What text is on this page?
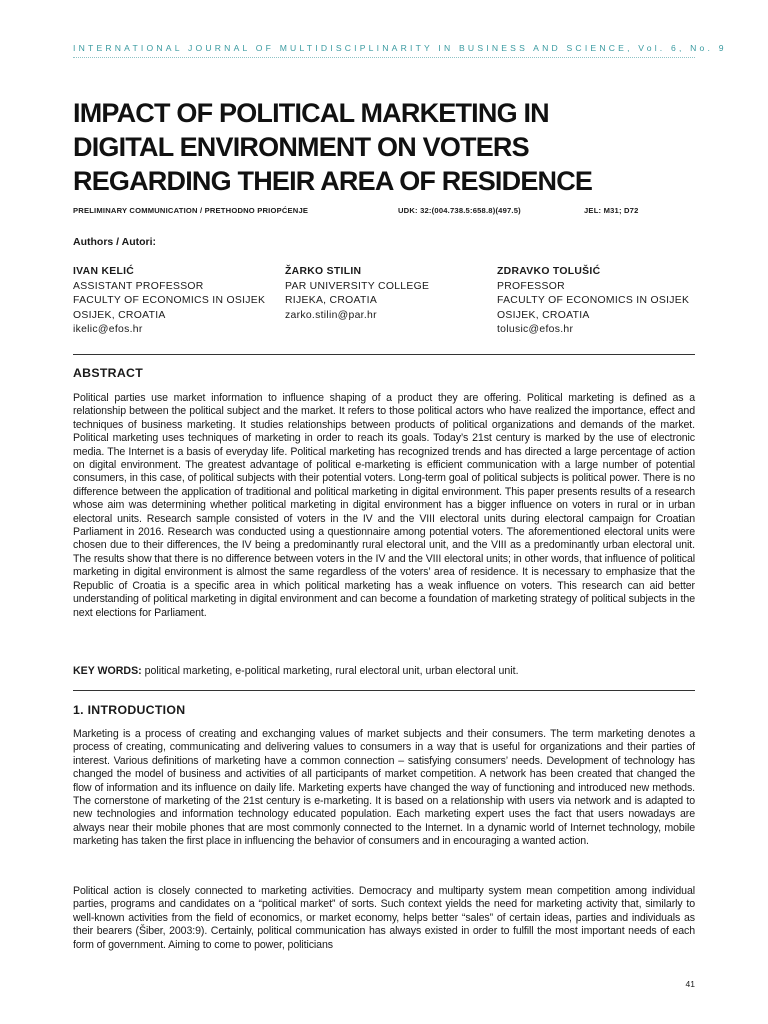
INTERNATIONAL JOURNAL OF MULTIDISCIPLINARITY IN BUSINESS AND SCIENCE, Vol. 6, No. 9
IMPACT OF POLITICAL MARKETING IN
DIGITAL ENVIRONMENT ON VOTERS
REGARDING THEIR AREA OF RESIDENCE
PRELIMINARY COMMUNICATION / PRETHODNO PRIOPĆENJE	UDK: 32:(004.738.5:658.8)(497.5)	JEL: M31; D72
Authors / Autori:
IVAN KELIĆ
ASSISTANT PROFESSOR
FACULTY OF ECONOMICS IN OSIJEK
OSIJEK, CROATIA
ikelic@efos.hr
ŽARKO STILIN
PAR UNIVERSITY COLLEGE
RIJEKA, CROATIA
zarko.stilin@par.hr
ZDRAVKO TOLUŠIĆ
PROFESSOR
FACULTY OF ECONOMICS IN OSIJEK
OSIJEK, CROATIA
tolusic@efos.hr
ABSTRACT

Political parties use market information to influence shaping of a product they are offering. Political marketing is defined as a relationship between the political subject and the market. It refers to those political actors who have realized the importance, effect and techniques of business marketing. It studies relationships between products of political organizations and demands of the market. Political marketing uses techniques of marketing in order to reach its goals. Today’s 21st century is marked by the use of electronic media. The Internet is a basis of everyday life. Political marketing has recognized trends and has directed a large percentage of action on digital environment. The greatest advantage of political e-marketing is efficient communication with a large number of potential consumers, in this case, of political subjects with their potential voters. Long-term goal of political subjects is political power. There is no difference between the application of traditional and political marketing in digital environment. This paper presents results of a research whose aim was determining whether political marketing in digital environment has a bigger influence on voters in rural or in urban electoral units. Research sample consisted of voters in the IV and the VIII electoral units during electoral campaign for Croatian Parliament in 2016. Research was conducted using a questionnaire among potential voters. The aforementioned electoral units were chosen due to their differences, the IV being a predominantly rural electoral unit, and the VIII as a predominantly urban electoral unit. The results show that there is no difference between voters in the IV and the VIII electoral units; in other words, that influence of political marketing in digital environment is almost the same regardless of the voters’ area of residence. It is necessary to emphasize that the Republic of Croatia is a specific area in which political marketing has a weak influence on voters. This research can aid better understanding of political marketing in digital environment and can become a foundation of marketing strategy of political subjects in the next elections for Parliament.

KEY WORDS: political marketing, e-political marketing, rural electoral unit, urban electoral unit.
1. INTRODUCTION

Marketing is a process of creating and exchanging values of market subjects and their consumers. The term marketing denotes a process of creating, communicating and delivering values to consumers in a way that is useful for organizations and their parties of interest. Various definitions of marketing have a common connection – satisfying consumers’ needs. Development of technology has changed the model of business and activities of all participants of market competition. A network has been created that changed the flow of information and its influence on daily life. Marketing experts have changed the way of functioning and introduced new methods. The cornerstone of marketing of the 21st century is e-marketing. It is based on a relationship with users via network and is adapted to new technologies and information technology educated population. Each marketing expert uses the fact that users nowadays are always near their mobile phones that are most commonly connected to the Internet. In a dynamic world of Internet technology, mobile marketing has taken the first place in influencing the behavior of consumers and in encouraging a wanted action.

Political action is closely connected to marketing activities. Democracy and multiparty system mean competition among individual parties, programs and candidates on a “political market” of sorts. Such context yields the need for marketing activity that, similarly to well-known activities from the field of economics, or market economy, helps better “sales” of certain ideas, parties and individuals as their bearers (Šiber, 2003:9). Certainly, political communication has always existed in order to fulfill the most important needs of each form of government. Aiming to come to power, politicians

41
